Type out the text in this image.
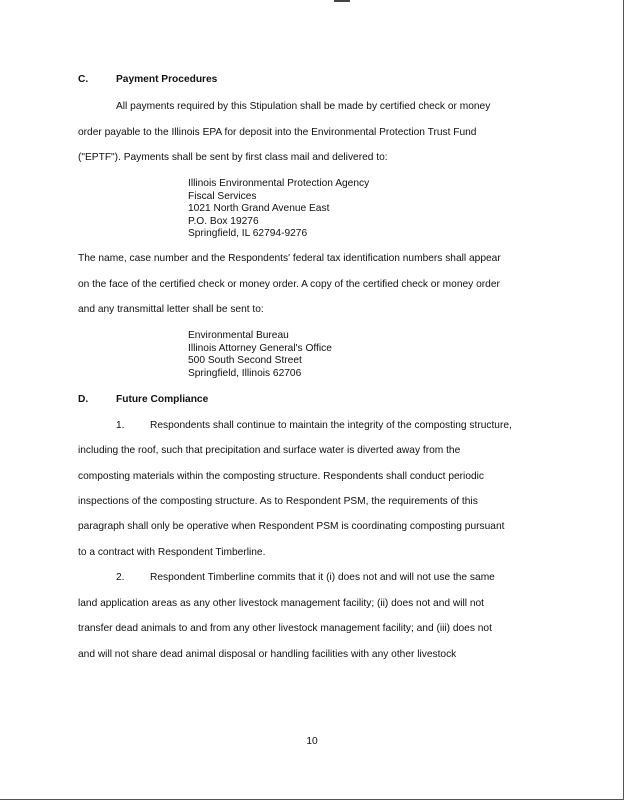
C.	Payment Procedures
All payments required by this Stipulation shall be made by certified check or money
order payable to the Illinois EPA for deposit into the Environmental Protection Trust Fund
("EPTF"). Payments shall be sent by first class mail and delivered to:
Illinois Environmental Protection Agency
Fiscal Services
1021 North Grand Avenue East
P.O. Box 19276
Springfield, IL 62794-9276
The name, case number and the Respondents' federal tax identification numbers shall appear
on the face of the certified check or money order. A copy of the certified check or money order
and any transmittal letter shall be sent to:
Environmental Bureau
Illinois Attorney General's Office
500 South Second Street
Springfield, Illinois 62706
D.	Future Compliance
1.	Respondents shall continue to maintain the integrity of the composting structure,
including the roof, such that precipitation and surface water is diverted away from the
composting materials within the composting structure. Respondents shall conduct periodic
inspections of the composting structure. As to Respondent PSM, the requirements of this
paragraph shall only be operative when Respondent PSM is coordinating composting pursuant
to a contract with Respondent Timberline.
2.	Respondent Timberline commits that it (i) does not and will not use the same
land application areas as any other livestock management facility; (ii) does not and will not
transfer dead animals to and from any other livestock management facility; and (iii) does not
and will not share dead animal disposal or handling facilities with any other livestock
10
